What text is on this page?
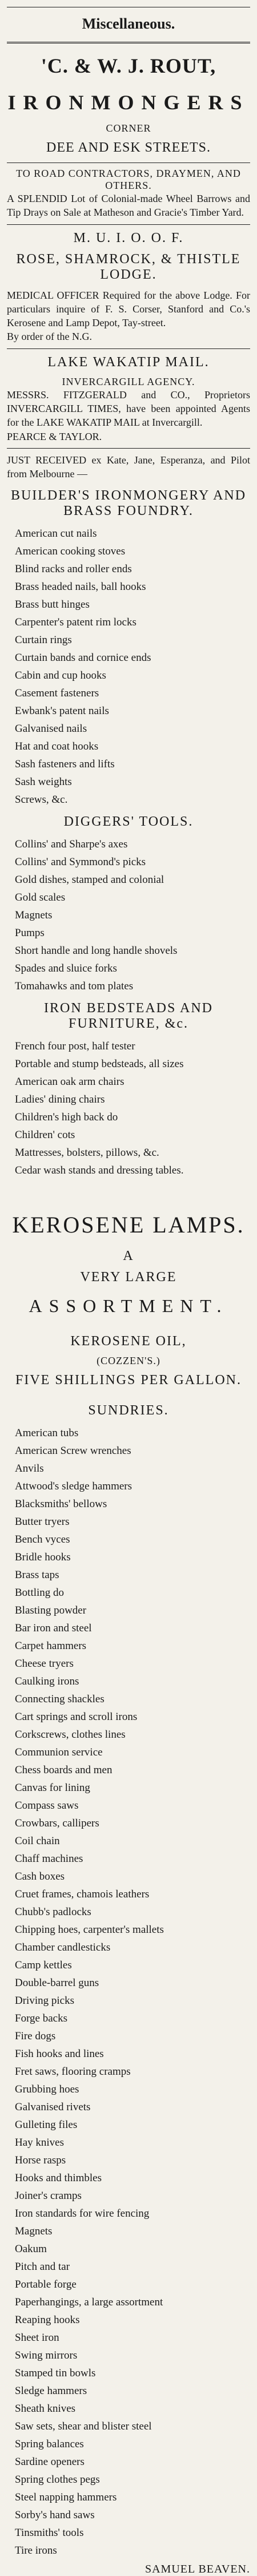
Miscellaneous.
'C. & W. J. ROUT,
IRONMONGERS
CORNER
DEE AND ESK STREETS.
TO ROAD CONTRACTORS, DRAYMEN, AND OTHERS.
A SPLENDID Lot of Colonial-made Wheel Barrows and Tip Drays on Sale at Matheson and Gracie's Timber Yard.
M. U. I. O. O. F.
ROSE, SHAMROCK, & THISTLE LODGE.
MEDICAL OFFICER Required for the above Lodge. For particulars inquire of F. S. Corser, Stanford and Co.'s Kerosene and Lamp Depot, Tay-street.
By order of the N.G.
LAKE WAKATIP MAIL.
INVERCARGILL AGENCY.
MESSRS. FITZGERALD and CO., Proprietors INVERCARGILL TIMES, have been appointed Agents for the LAKE WAKATIP MAIL at Invercargill.
PEARCE & TAYLOR.
JUST RECEIVED ex Kate, Jane, Esperanza, and Pilot from Melbourne —
BUILDER'S IRONMONGERY AND BRASS FOUNDRY.
American cut nails
American cooking stoves
Blind racks and roller ends
Brass headed nails, ball hooks
Brass butt hinges
Carpenter's patent rim locks
Curtain rings
Curtain bands and cornice ends
Cabin and cup hooks
Casement fasteners
Ewbank's patent nails
Galvanised nails
Hat and coat hooks
Sash fasteners and lifts
Sash weights
Screws, &c.
DIGGERS' TOOLS.
Collins' and Sharpe's axes
Collins' and Symmond's picks
Gold dishes, stamped and colonial
Gold scales
Magnets
Pumps
Short handle and long handle shovels
Spades and sluice forks
Tomahawks and tom plates
IRON BEDSTEADS AND FURNITURE, &c.
French four post, half tester
Portable and stump bedsteads, all sizes
American oak arm chairs
Ladies' dining chairs
Children's high back do
Children' cots
Mattresses, bolsters, pillows, &c.
Cedar wash stands and dressing tables.
KEROSENE LAMPS.
A
VERY LARGE
ASSORTMENT.
KEROSENE OIL,
(COZZEN'S.)
FIVE SHILLINGS PER GALLON.
SUNDRIES.
American tubs
American Screw wrenches
Anvils
Attwood's sledge hammers
Blacksmiths' bellows
Butter tryers
Bench vyces
Bridle hooks
Brass taps
Bottling do
Blasting powder
Bar iron and steel
Carpet hammers
Cheese tryers
Caulking irons
Connecting shackles
Cart springs and scroll irons
Corkscrews, clothes lines
Communion service
Chess boards and men
Canvas for lining
Compass saws
Crowbars, callipers
Coil chain
Chaff machines
Cash boxes
Cruet frames, chamois leathers
Chubb's padlocks
Chipping hoes, carpenter's mallets
Chamber candlesticks
Camp kettles
Double-barrel guns
Driving picks
Forge backs
Fire dogs
Fish hooks and lines
Fret saws, flooring cramps
Grubbing hoes
Galvanised rivets
Gulleting files
Hay knives
Horse rasps
Hooks and thimbles
Joiner's cramps
Iron standards for wire fencing
Magnets
Oakum
Pitch and tar
Portable forge
Paperhangings, a large assortment
Reaping hooks
Sheet iron
Swing mirrors
Stamped tin bowls
Sledge hammers
Sheath knives
Saw sets, shear and blister steel
Spring balances
Sardine openers
Spring clothes pegs
Steel napping hammers
Sorby's hand saws
Tinsmiths' tools
Tire irons
SAMUEL BEAVEN.
